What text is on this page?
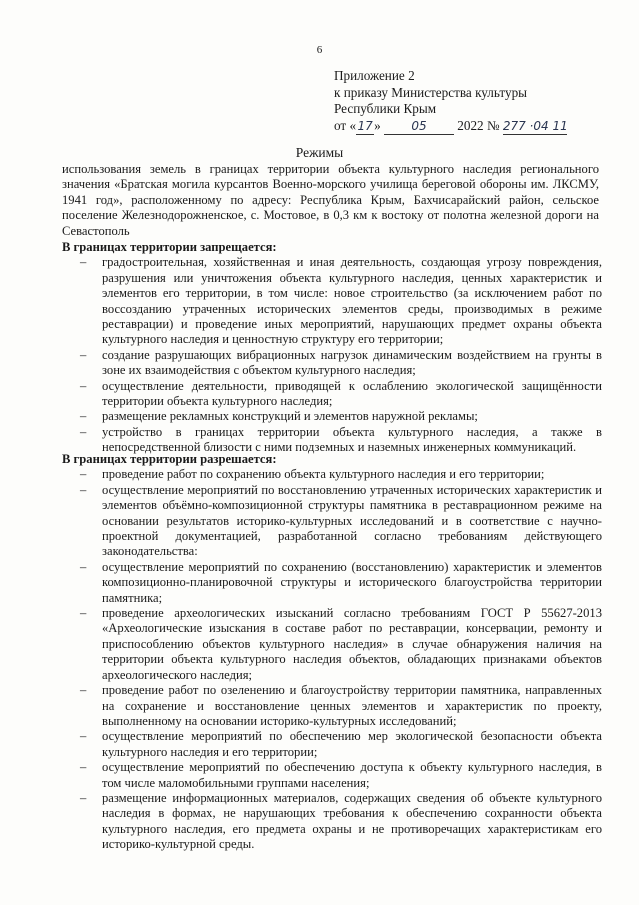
6
Приложение 2
к приказу Министерства культуры
Республики Крым
от «17» 05 2022 № 277 ·04 11
Режимы
использования земель в границах территории объекта культурного наследия регионального значения «Братская могила курсантов Военно-морского училища береговой обороны им. ЛКСМУ, 1941 год», расположенному по адресу: Республика Крым, Бахчисарайский район, сельское поселение Железнодорожненское, с. Мостовое, в 0,3 км к востоку от полотна железной дороги на Севастополь
В границах территории запрещается:
– градостроительная, хозяйственная и иная деятельность, создающая угрозу повреждения, разрушения или уничтожения объекта культурного наследия, ценных характеристик и элементов его территории, в том числе: новое строительство (за исключением работ по воссозданию утраченных исторических элементов среды, производимых в режиме реставрации) и проведение иных мероприятий, нарушающих предмет охраны объекта культурного наследия и ценностную структуру его территории;
– создание разрушающих вибрационных нагрузок динамическим воздействием на грунты в зоне их взаимодействия с объектом культурного наследия;
– осуществление деятельности, приводящей к ослаблению экологической защищённости территории объекта культурного наследия;
– размещение рекламных конструкций и элементов наружной рекламы;
– устройство в границах территории объекта культурного наследия, а также в непосредственной близости с ними подземных и наземных инженерных коммуникаций.
В границах территории разрешается:
– проведение работ по сохранению объекта культурного наследия и его территории;
– осуществление мероприятий по восстановлению утраченных исторических характеристик и элементов объёмно-композиционной структуры памятника в реставрационном режиме на основании результатов историко-культурных исследований и в соответствие с научно-проектной документацией, разработанной согласно требованиям действующего законодательства:
– осуществление мероприятий по сохранению (восстановлению) характеристик и элементов композиционно-планировочной структуры и исторического благоустройства территории памятника;
– проведение археологических изысканий согласно требованиям ГОСТ Р 55627-2013 «Археологические изыскания в составе работ по реставрации, консервации, ремонту и приспособлению объектов культурного наследия» в случае обнаружения наличия на территории объекта культурного наследия объектов, обладающих признаками объектов археологического наследия;
– проведение работ по озеленению и благоустройству территории памятника, направленных на сохранение и восстановление ценных элементов и характеристик по проекту, выполненному на основании историко-культурных исследований;
– осуществление мероприятий по обеспечению мер экологической безопасности объекта культурного наследия и его территории;
– осуществление мероприятий по обеспечению доступа к объекту культурного наследия, в том числе маломобильными группами населения;
– размещение информационных материалов, содержащих сведения об объекте культурного наследия в формах, не нарушающих требования к обеспечению сохранности объекта культурного наследия, его предмета охраны и не противоречащих характеристикам его историко-культурной среды.
